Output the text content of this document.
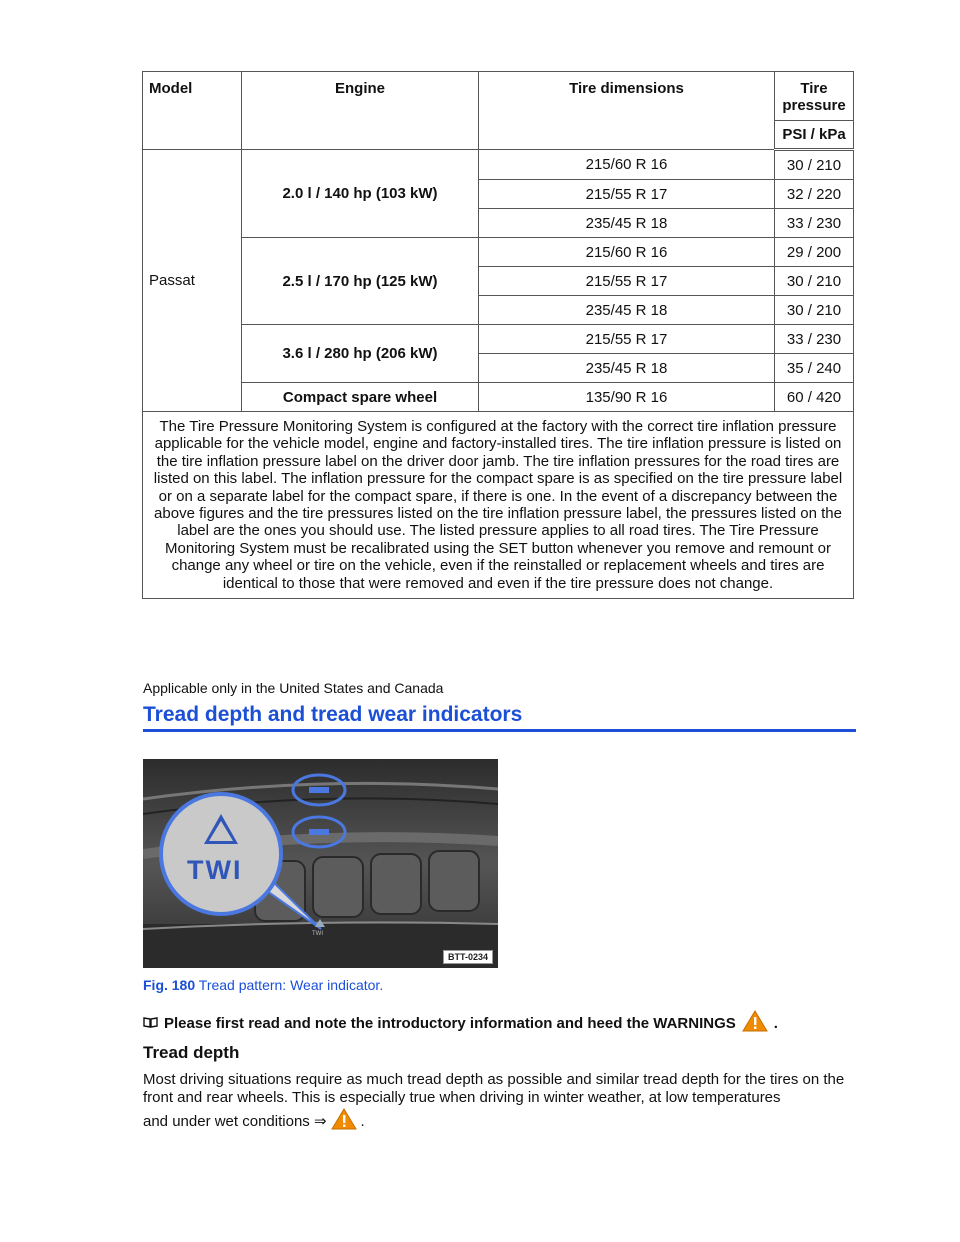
Model	Engine	Tire dimensions	Tire pressure
			PSI / kPa
Passat	2.0 l / 140 hp (103 kW)	215/60 R 16	30 / 210
		215/55 R 17	32 / 220
		235/45 R 18	33 / 230
	2.5 l / 170 hp (125 kW)	215/60 R 16	29 / 200
		215/55 R 17	30 / 210
		235/45 R 18	30 / 210
	3.6 l / 280 hp (206 kW)	215/55 R 17	33 / 230
		235/45 R 18	35 / 240
	Compact spare wheel	135/90 R 16	60 / 420
The Tire Pressure Monitoring System is configured at the factory with the correct tire inflation pressure applicable for the vehicle model, engine and factory-installed tires. The tire inflation pressure is listed on the tire inflation pressure label on the driver door jamb. The tire inflation pressures for the road tires are listed on this label. The inflation pressure for the compact spare is as specified on the tire pressure label or on a separate label for the compact spare, if there is one. In the event of a discrepancy between the above figures and the tire pressures listed on the tire inflation pressure label, the pressures listed on the label are the ones you should use. The listed pressure applies to all road tires. The Tire Pressure Monitoring System must be recalibrated using the SET button whenever you remove and remount or change any wheel or tire on the vehicle, even if the reinstalled or replacement wheels and tires are identical to those that were removed and even if the tire pressure does not change.			
Applicable only in the United States and Canada
Tread depth and tread wear indicators
TWI
TWI
BTT-0234
Fig. 180 Tread pattern: Wear indicator.
Please first read and note the introductory information and heed the WARNINGS	.
Tread depth

Most driving situations require as much tread depth as possible and similar tread depth for the tires on the front and rear wheels. This is especially true when driving in winter weather, at low temperatures

and under wet conditions ⇒ .
